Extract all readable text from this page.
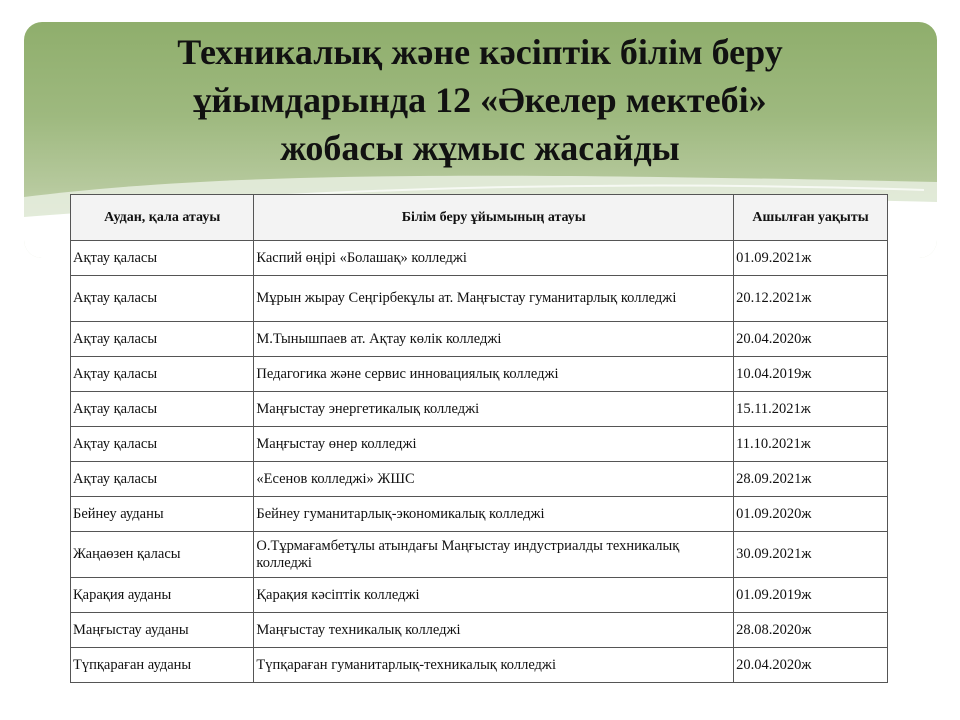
Техникалық және кәсіптік білім беру
ұйымдарында 12 «Әкелер мектебі»
жобасы жұмыс жасайды
Аудан, қала атауы	Білім беру ұйымының атауы	Ашылған уақыты
Ақтау қаласы	Каспий өңірі «Болашақ» колледжі	01.09.2021ж
Ақтау қаласы	Мұрын жырау Сеңгірбекұлы ат. Маңғыстау гуманитарлық колледжі	20.12.2021ж
Ақтау қаласы	М.Тынышпаев ат. Ақтау көлік колледжі	20.04.2020ж
Ақтау қаласы	Педагогика және сервис инновациялық колледжі	10.04.2019ж
Ақтау қаласы	Маңғыстау энергетикалық колледжі	15.11.2021ж
Ақтау қаласы	Маңғыстау өнер колледжі	11.10.2021ж
Ақтау қаласы	«Есенов колледжі» ЖШС	28.09.2021ж
Бейнеу ауданы	Бейнеу гуманитарлық-экономикалық колледжі	01.09.2020ж
Жаңаөзен қаласы	О.Тұрмағамбетұлы атындағы Маңғыстау индустриалды техникалық колледжі	30.09.2021ж
Қарақия ауданы	Қарақия кәсіптік колледжі	01.09.2019ж
Маңғыстау ауданы	Маңғыстау техникалық колледжі	28.08.2020ж
Түпқараған ауданы	Түпқараған гуманитарлық-техникалық колледжі	20.04.2020ж
